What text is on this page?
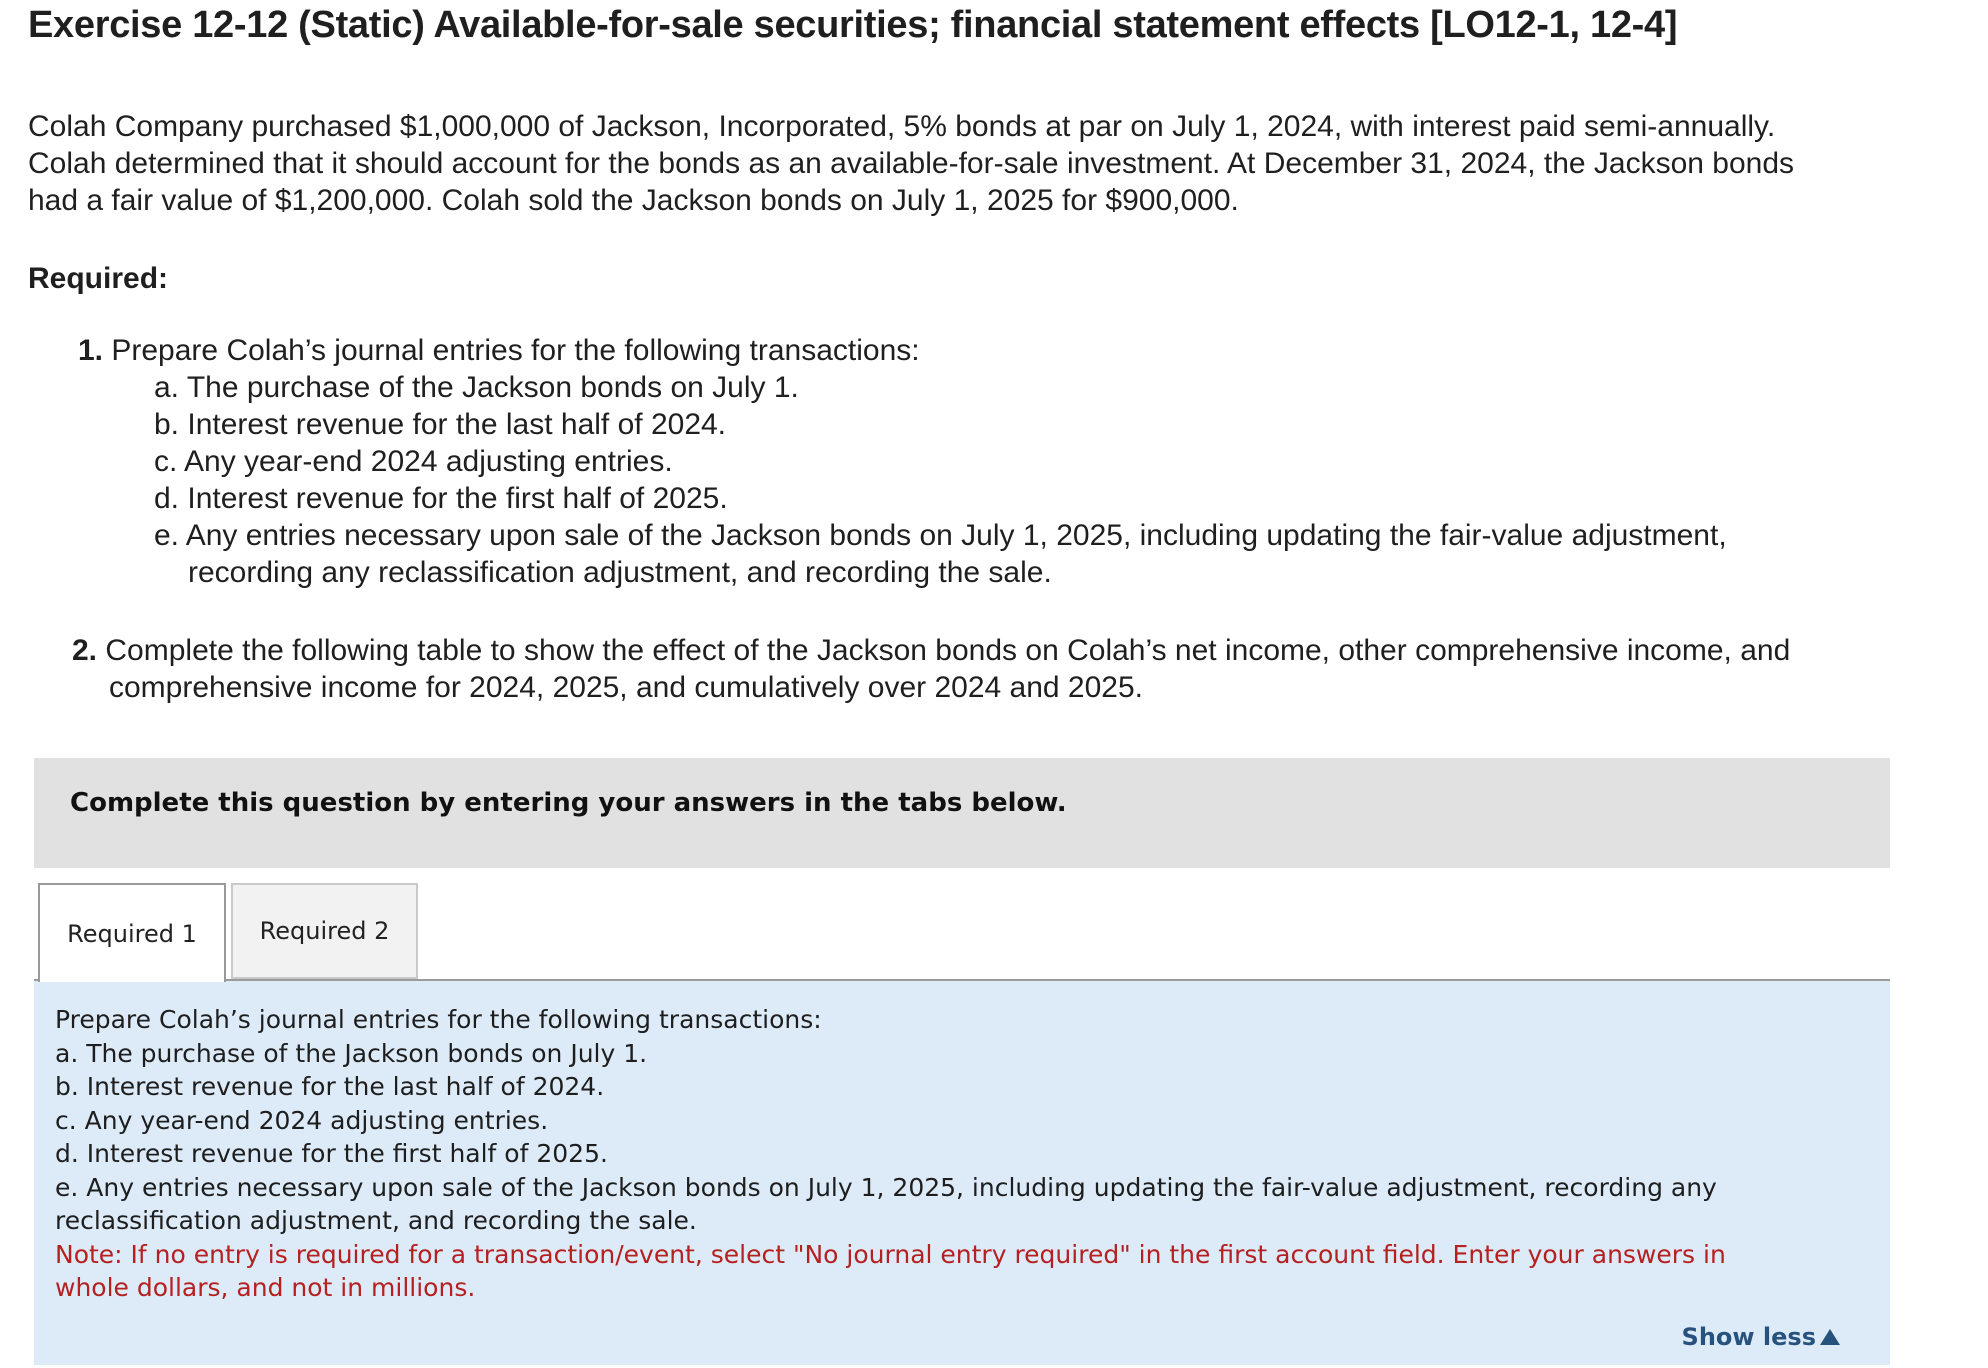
Exercise 12-12 (Static) Available-for-sale securities; financial statement effects [LO12-1, 12-4]
Colah Company purchased $1,000,000 of Jackson, Incorporated, 5% bonds at par on July 1, 2024, with interest paid semi-annually.
Colah determined that it should account for the bonds as an available-for-sale investment. At December 31, 2024, the Jackson bonds
had a fair value of $1,200,000. Colah sold the Jackson bonds on July 1, 2025 for $900,000.
Required:
1. Prepare Colah’s journal entries for the following transactions:
a. The purchase of the Jackson bonds on July 1.
b. Interest revenue for the last half of 2024.
c. Any year-end 2024 adjusting entries.
d. Interest revenue for the first half of 2025.
e. Any entries necessary upon sale of the Jackson bonds on July 1, 2025, including updating the fair-value adjustment,
recording any reclassification adjustment, and recording the sale.
2. Complete the following table to show the effect of the Jackson bonds on Colah’s net income, other comprehensive income, and
comprehensive income for 2024, 2025, and cumulatively over 2024 and 2025.
Complete this question by entering your answers in the tabs below.
Required 1	Required 2
Prepare Colah’s journal entries for the following transactions:
a. The purchase of the Jackson bonds on July 1.
b. Interest revenue for the last half of 2024.
c. Any year-end 2024 adjusting entries.
d. Interest revenue for the first half of 2025.
e. Any entries necessary upon sale of the Jackson bonds on July 1, 2025, including updating the fair-value adjustment, recording any
reclassification adjustment, and recording the sale.
Note: If no entry is required for a transaction/event, select "No journal entry required" in the first account field. Enter your answers in
whole dollars, and not in millions.
Show less
